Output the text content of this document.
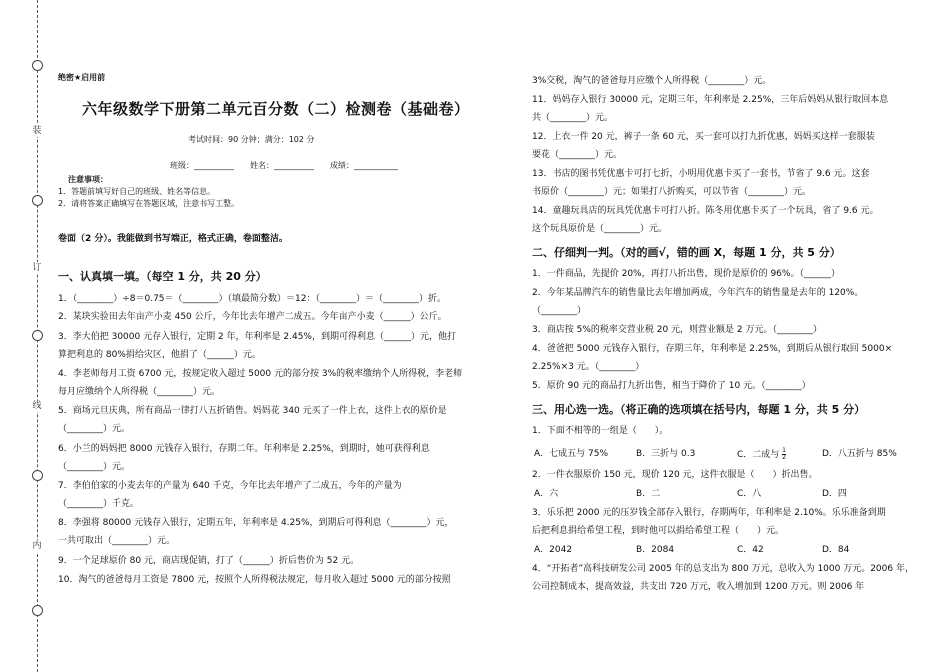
装
订
线
内
绝密★启用前
六年级数学下册第二单元百分数（二）检测卷（基础卷）
考试时间：90 分钟；满分：102 分
班级：__________　　姓名：__________　　成绩：___________
注意事项：
1．答题前填写好自己的班级、姓名等信息。
2．请将答案正确填写在答题区域，注意书写工整。
卷面（2 分）。我能做到书写端正，格式正确，卷面整洁。
一、认真填一填。（每空 1 分，共 20 分）
1．（________）÷8＝0.75＝（________）（填最简分数）＝12：（________）＝（________）折。
2．某块实验田去年亩产小麦 450 公斤，今年比去年增产二成五。今年亩产小麦（______）公斤。
3．李大伯把 30000 元存入银行，定期 2 年，年利率是 2.45%，到期可得利息（______）元，他打
算把利息的 80%捐给灾区，他捐了（______）元。
4．李老师每月工资 6700 元，按规定收入超过 5000 元的部分按 3%的税率缴纳个人所得税，李老师
每月应缴纳个人所得税（________）元。
5．商场元旦庆典，所有商品一律打八五折销售。妈妈花 340 元买了一件上衣，这件上衣的原价是
（________）元。
6．小兰的妈妈把 8000 元钱存入银行，存期二年。年利率是 2.25%，到期时，她可获得利息
（________）元。
7．李伯伯家的小麦去年的产量为 640 千克，今年比去年增产了二成五，今年的产量为
（________）千克。
8．李强将 80000 元钱存入银行，定期五年，年利率是 4.25%，到期后可得利息（________）元，
一共可取出（________）元。
9．一个足球原价 80 元，商店现促销，打了（______）折后售价为 52 元。
10．淘气的爸爸每月工资是 7800 元，按照个人所得税法规定，每月收入超过 5000 元的部分按照
3%交税，淘气的爸爸每月应缴个人所得税（________）元。
11．妈妈存入银行 30000 元，定期三年，年利率是 2.25%，三年后妈妈从银行取回本息
共（________）元。
12．上衣一件 20 元，裤子一条 60 元，买一套可以打九折优惠，妈妈买这样一套服装
要花（________）元。
13．书店的图书凭优惠卡可打七折，小明用优惠卡买了一套书，节省了 9.6 元。这套
书原价（________）元；如果打八折购买，可以节省（________）元。
14．童趣玩具店的玩具凭优惠卡可打八折。陈冬用优惠卡买了一个玩具，省了 9.6 元。
这个玩具原价是（________）元。
二、仔细判一判。（对的画√，错的画 X，每题 1 分，共 5 分）
1．一件商品，先提价 20%，再打八折出售，现价是原价的 96%。（______）
2．今年某品牌汽车的销售量比去年增加两成，今年汽车的销售量是去年的 120%。
（________）
3．商店按 5%的税率交营业税 20 元，则营业额是 2 万元。（________）
4．爸爸把 5000 元钱存入银行，存期三年，年利率是 2.25%，到期后从银行取回 5000×
2.25%×3 元。（________）
5．原价 90 元的商品打九折出售，相当于降价了 10 元。（________）
三、用心选一选。（将正确的选项填在括号内，每题 1 分，共 5 分）
1．下面不相等的一组是（　　）。
A．七成五与 75%	B．三折与 0.3	C．二成与 $\frac{1}{2}$	D．八五折与 85%
2．一件衣服原价 150 元，现价 120 元，这件衣服是（　　）折出售。
A．六	B．二	C．八	D．四
3．乐乐把 2000 元的压岁钱全部存入银行，存期两年，年利率是 2.10%。乐乐准备到期
后把利息捐给希望工程，到时他可以捐给希望工程（　　）元。
A．2042	B．2084	C．42	D．84
4．“开拓者”高科技研发公司 2005 年的总支出为 800 万元，总收入为 1000 万元。2006 年，
公司控制成本，提高效益，共支出 720 万元，收入增加到 1200 万元。则 2006 年
